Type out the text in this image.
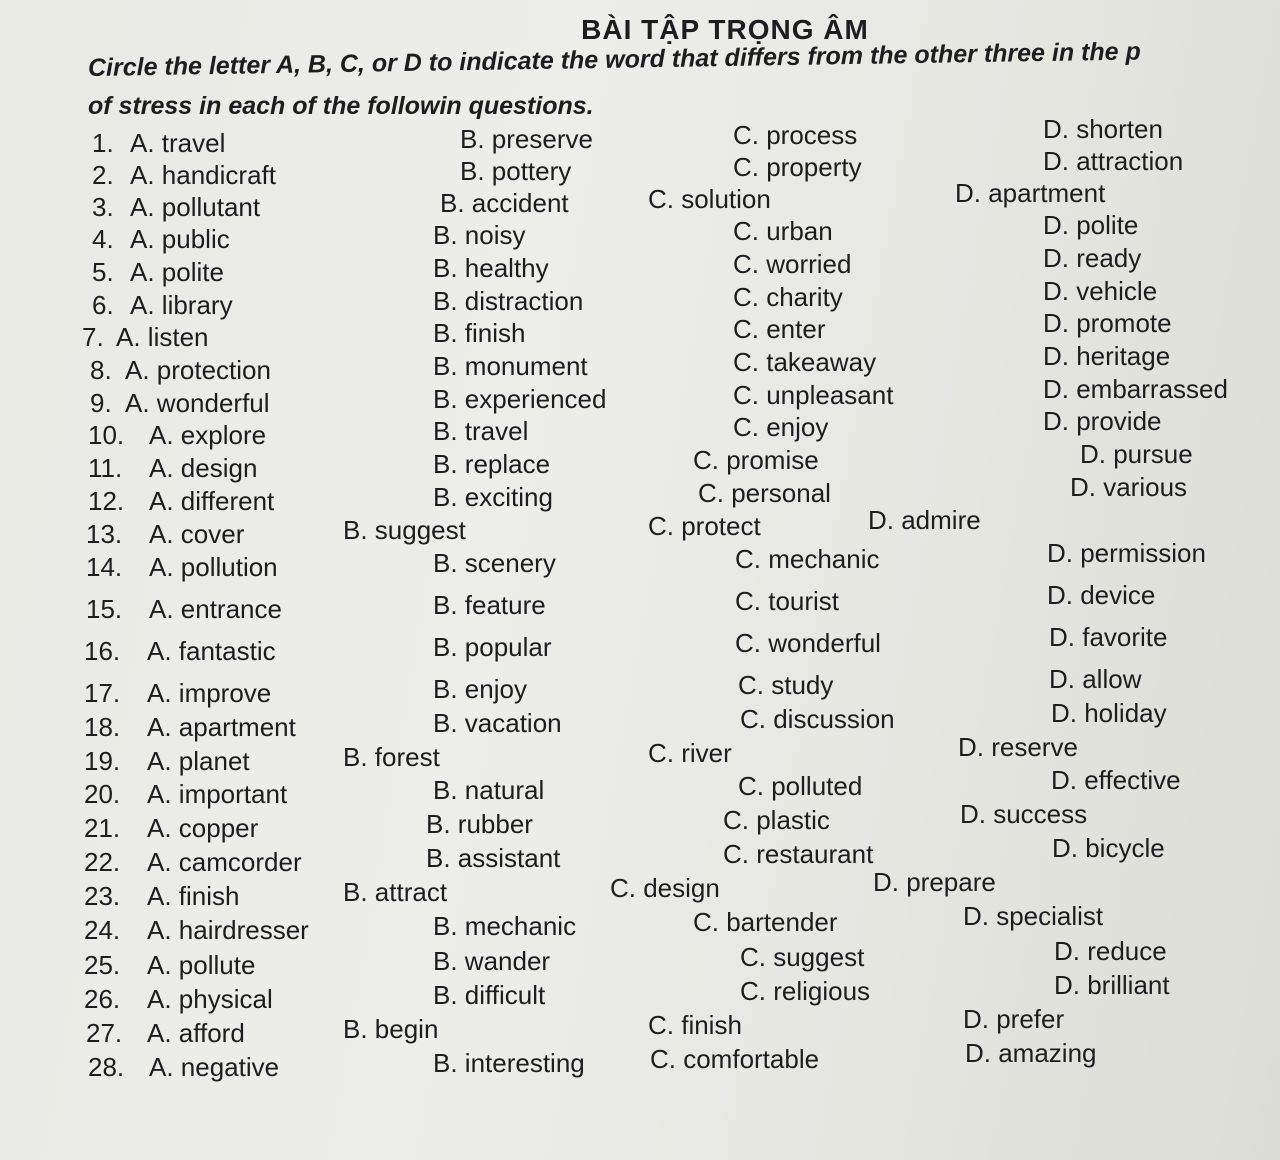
BÀI TẬP TRỌNG ÂM
Circle the letter A, B, C, or D to indicate the word that differs from the other three in the p
of stress in each of the followin questions.
1. A. travel	B. preserve	C. process	D. shorten
2. A. handicraft	B. pottery	C. property	D. attraction
3. A. pollutant	B. accident	C. solution	D. apartment
4. A. public	B. noisy	C. urban	D. polite
5. A. polite	B. healthy	C. worried	D. ready
6. A. library	B. distraction	C. charity	D. vehicle
7. A. listen	B. finish	C. enter	D. promote
8. A. protection	B. monument	C. takeaway	D. heritage
9. A. wonderful	B. experienced	C. unpleasant	D. embarrassed
10. A. explore	B. travel	C. enjoy	D. provide
11. A. design	B. replace	C. promise	D. pursue
12. A. different	B. exciting	C. personal	D. various
13. A. cover	B. suggest	C. protect	D. admire
14. A. pollution	B. scenery	C. mechanic	D. permission
15. A. entrance	B. feature	C. tourist	D. device
16. A. fantastic	B. popular	C. wonderful	D. favorite
17. A. improve	B. enjoy	C. study	D. allow
18. A. apartment	B. vacation	C. discussion	D. holiday
19. A. planet	B. forest	C. river	D. reserve
20. A. important	B. natural	C. polluted	D. effective
21. A. copper	B. rubber	C. plastic	D. success
22. A. camcorder	B. assistant	C. restaurant	D. bicycle
23. A. finish	B. attract	C. design	D. prepare
24. A. hairdresser	B. mechanic	C. bartender	D. specialist
25. A. pollute	B. wander	C. suggest	D. reduce
26. A. physical	B. difficult	C. religious	D. brilliant
27. A. afford	B. begin	C. finish	D. prefer
28. A. negative	B. interesting	C. comfortable	D. amazing
